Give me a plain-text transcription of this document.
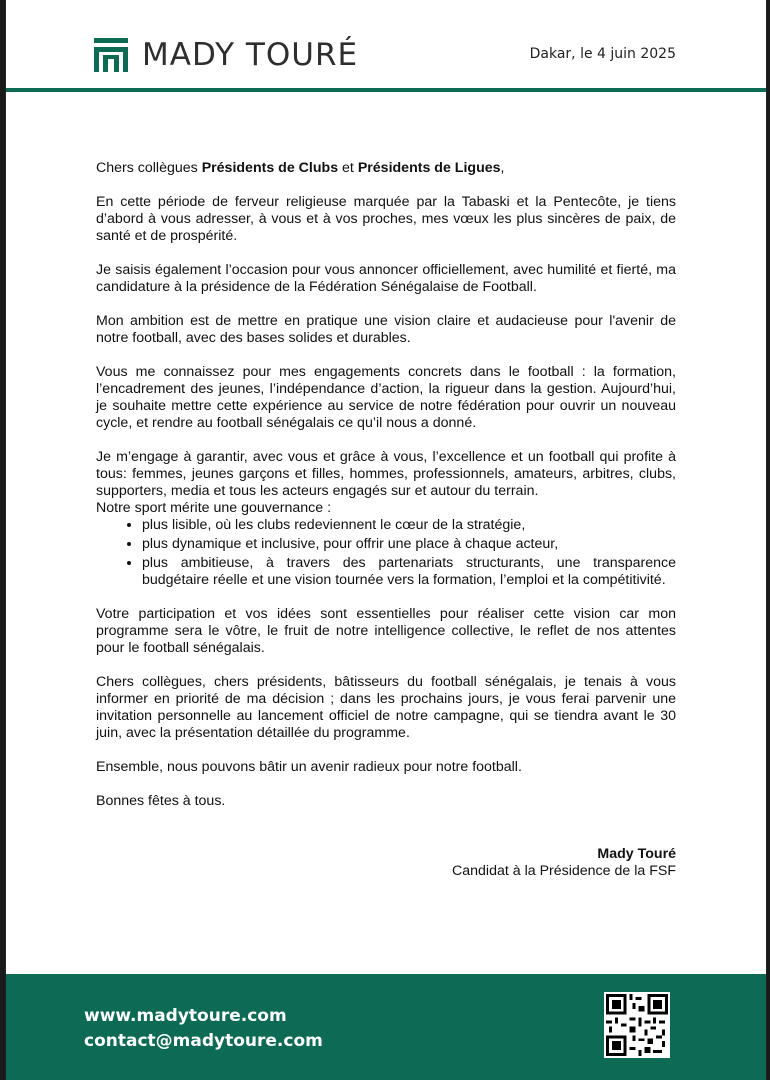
MADY TOURÉ	Dakar, le 4 juin 2025

Chers collègues Présidents de Clubs et Présidents de Ligues,

En cette période de ferveur religieuse marquée par la Tabaski et la Pentecôte, je tiens d’abord à vous adresser, à vous et à vos proches, mes vœux les plus sincères de paix, de santé et de prospérité.

Je saisis également l’occasion pour vous annoncer officiellement, avec humilité et fierté, ma candidature à la présidence de la Fédération Sénégalaise de Football.

Mon ambition est de mettre en pratique une vision claire et audacieuse pour l'avenir de notre football, avec des bases solides et durables.

Vous me connaissez pour mes engagements concrets dans le football : la formation, l’encadrement des jeunes, l’indépendance d’action, la rigueur dans la gestion. Aujourd’hui, je souhaite mettre cette expérience au service de notre fédération pour ouvrir un nouveau cycle, et rendre au football sénégalais ce qu’il nous a donné.

Je m’engage à garantir, avec vous et grâce à vous, l’excellence et un football qui profite à tous: femmes, jeunes garçons et filles, hommes, professionnels, amateurs, arbitres, clubs, supporters, media et tous les acteurs engagés sur et autour du terrain.

Notre sport mérite une gouvernance :

• plus lisible, où les clubs redeviennent le cœur de la stratégie,
• plus dynamique et inclusive, pour offrir une place à chaque acteur,
• plus ambitieuse, à travers des partenariats structurants, une transparence budgétaire réelle et une vision tournée vers la formation, l’emploi et la compétitivité.

Votre participation et vos idées sont essentielles pour réaliser cette vision car mon programme sera le vôtre, le fruit de notre intelligence collective, le reflet de nos attentes pour le football sénégalais.

Chers collègues, chers présidents, bâtisseurs du football sénégalais, je tenais à vous informer en priorité de ma décision ; dans les prochains jours, je vous ferai parvenir une invitation personnelle au lancement officiel de notre campagne, qui se tiendra avant le 30 juin, avec la présentation détaillée du programme.

Ensemble, nous pouvons bâtir un avenir radieux pour notre football.

Bonnes fêtes à tous.

Mady Touré
Candidat à la Présidence de la FSF
www.madytoure.com
contact@madytoure.com
